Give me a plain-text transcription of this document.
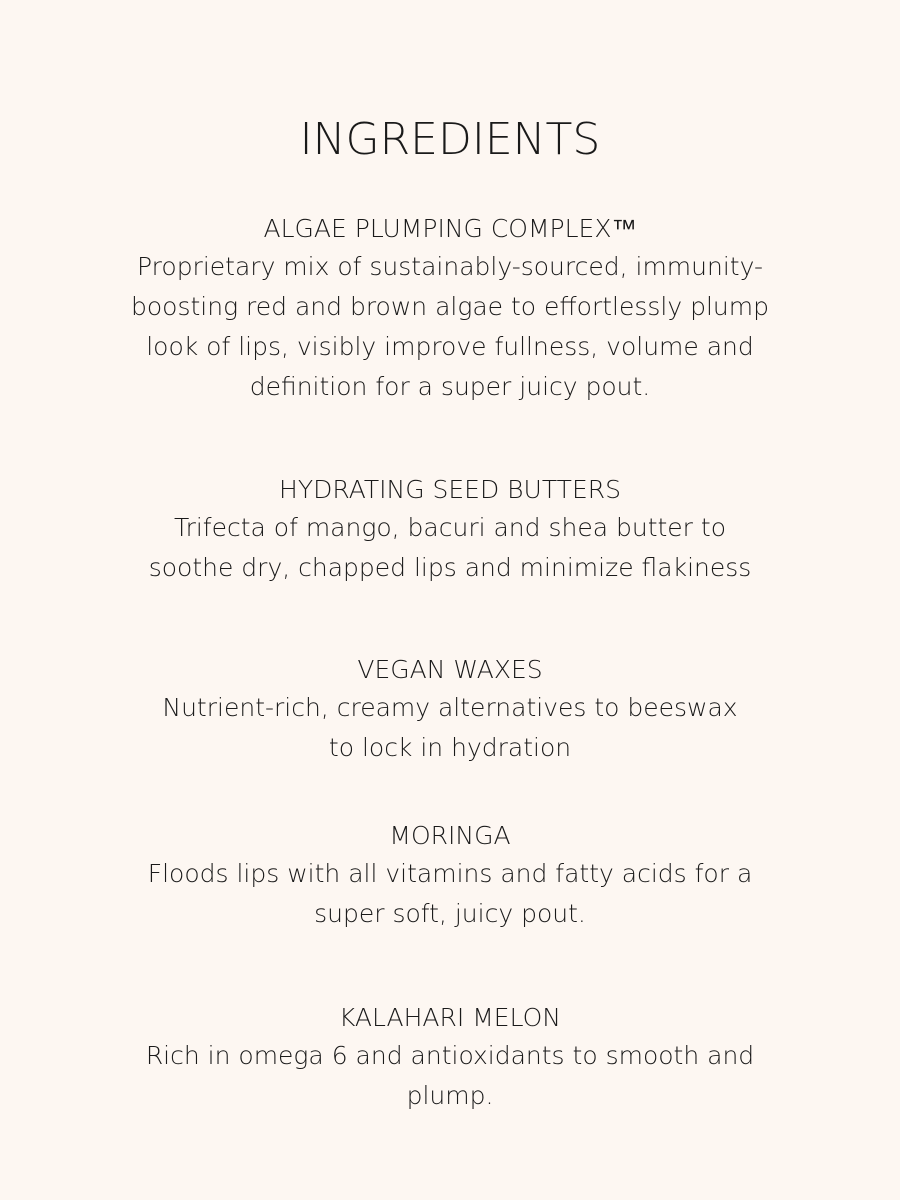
INGREDIENTS
ALGAE PLUMPING COMPLEX™
Proprietary mix of sustainably-sourced, immunity-
boosting red and brown algae to effortlessly plump
look of lips, visibly improve fullness, volume and
definition for a super juicy pout.
HYDRATING SEED BUTTERS
Trifecta of mango, bacuri and shea butter to
soothe dry, chapped lips and minimize flakiness
VEGAN WAXES
Nutrient-rich, creamy alternatives to beeswax
to lock in hydration
MORINGA
Floods lips with all vitamins and fatty acids for a
super soft, juicy pout.
KALAHARI MELON
Rich in omega 6 and antioxidants to smooth and
plump.
